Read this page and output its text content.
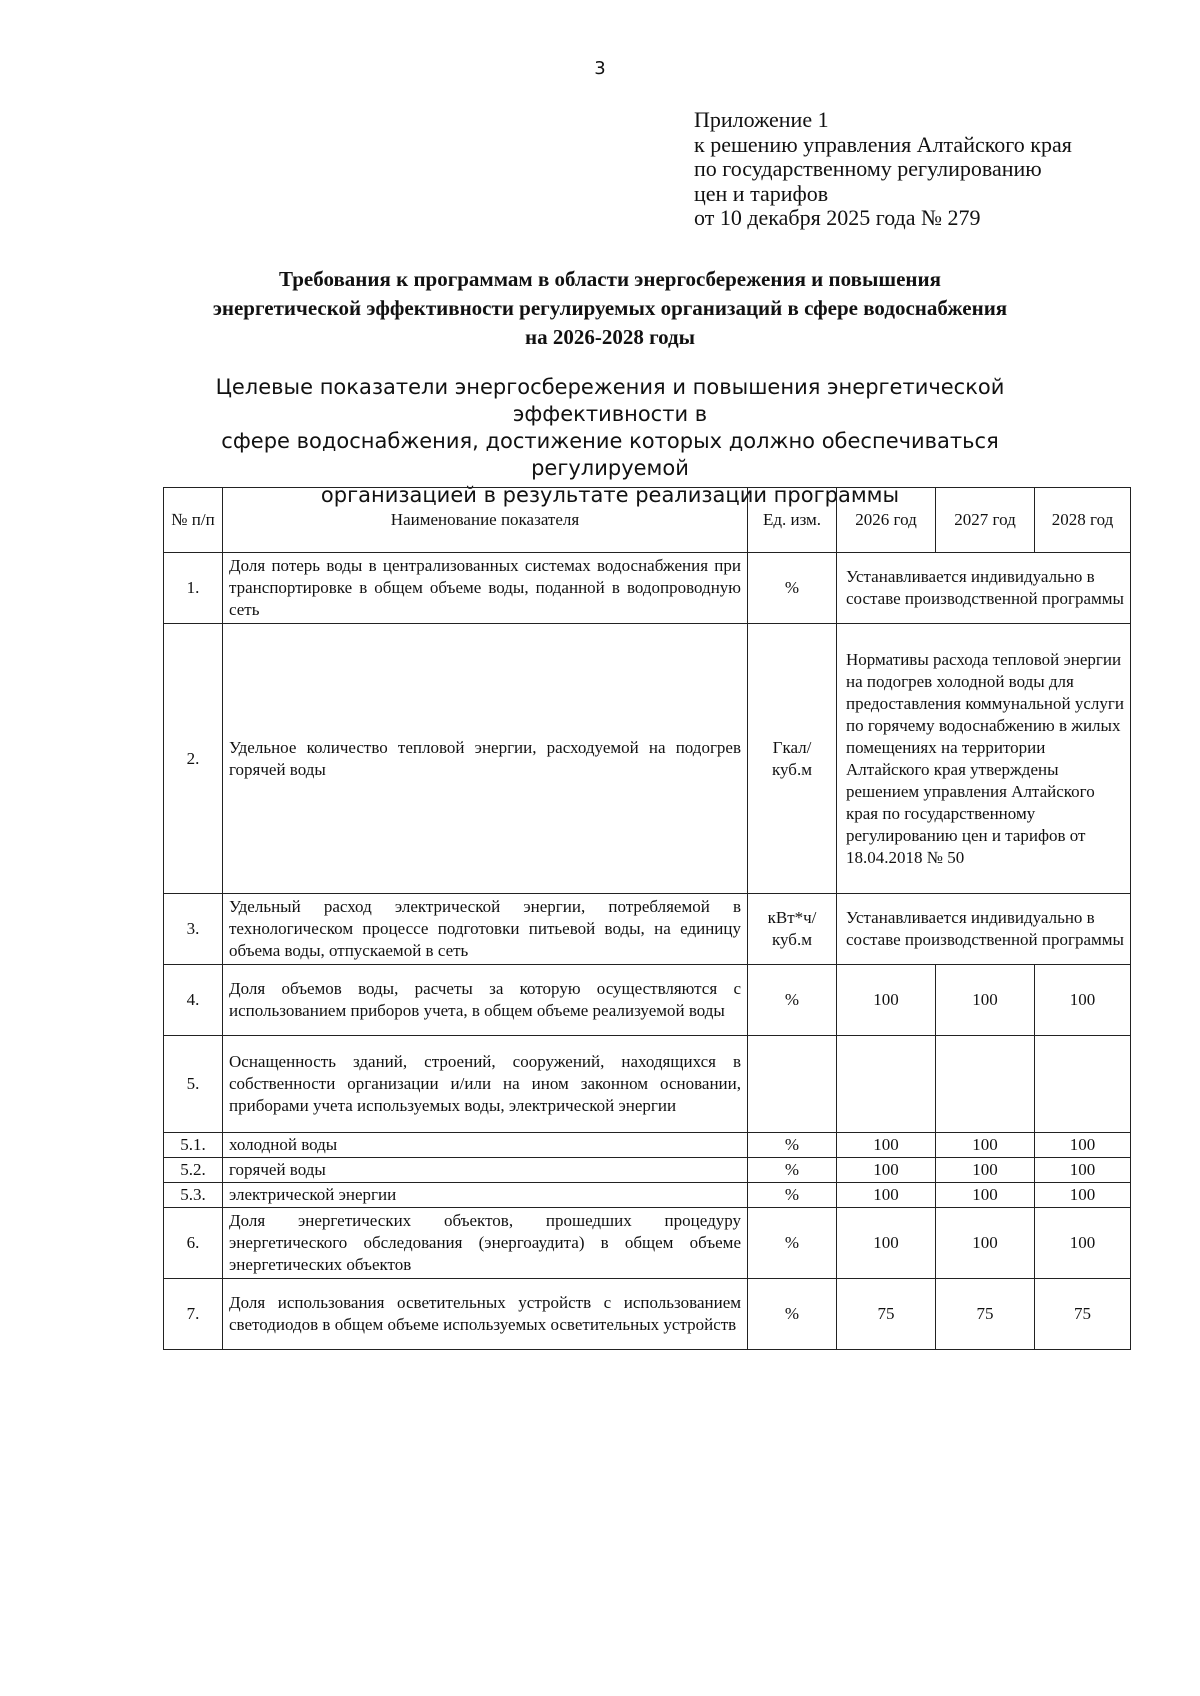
3
Приложение 1
к решению управления Алтайского края
по государственному регулированию
цен и тарифов
от 10 декабря 2025 года № 279
Требования к программам в области энергосбережения и повышения
энергетической эффективности регулируемых организаций в сфере водоснабжения
на 2026-2028 годы
Целевые показатели энергосбережения и повышения энергетической эффективности в
сфере водоснабжения, достижение которых должно обеспечиваться регулируемой
организацией в результате реализации программы
№ п/п	Наименование показателя	Ед. изм.	2026 год	2027 год	2028 год
1.	Доля потерь воды в централизованных системах водоснабжения при транспортировке в общем объеме воды, поданной в водопроводную сеть	%	Устанавливается индивидуально в составе производственной программы		
2.	Удельное количество тепловой энергии, расходуемой на подогрев горячей воды	Гкал/ куб.м	Нормативы расхода тепловой энергии на подогрев холодной воды для предоставления коммунальной услуги по горячему водоснабжению в жилых помещениях на территории Алтайского края утверждены решением управления Алтайского края по государственному регулированию цен и тарифов от 18.04.2018 № 50		
3.	Удельный расход электрической энергии, потребляемой в технологическом процессе подготовки питьевой воды, на единицу объема воды, отпускаемой в сеть	кВт*ч/ куб.м	Устанавливается индивидуально в составе производственной программы		
4.	Доля объемов воды, расчеты за которую осуществляются с использованием приборов учета, в общем объеме реализуемой воды	%	100	100	100
5.	Оснащенность зданий, строений, сооружений, находящихся в собственности организации и/или на ином законном основании, приборами учета используемых воды, электрической энергии				
5.1.	холодной воды	%	100	100	100
5.2.	горячей воды	%	100	100	100
5.3.	электрической энергии	%	100	100	100
6.	Доля энергетических объектов, прошедших процедуру энергетического обследования (энергоаудита) в общем объеме энергетических объектов	%	100	100	100
7.	Доля использования осветительных устройств с использованием светодиодов в общем объеме используемых осветительных устройств	%	75	75	75
